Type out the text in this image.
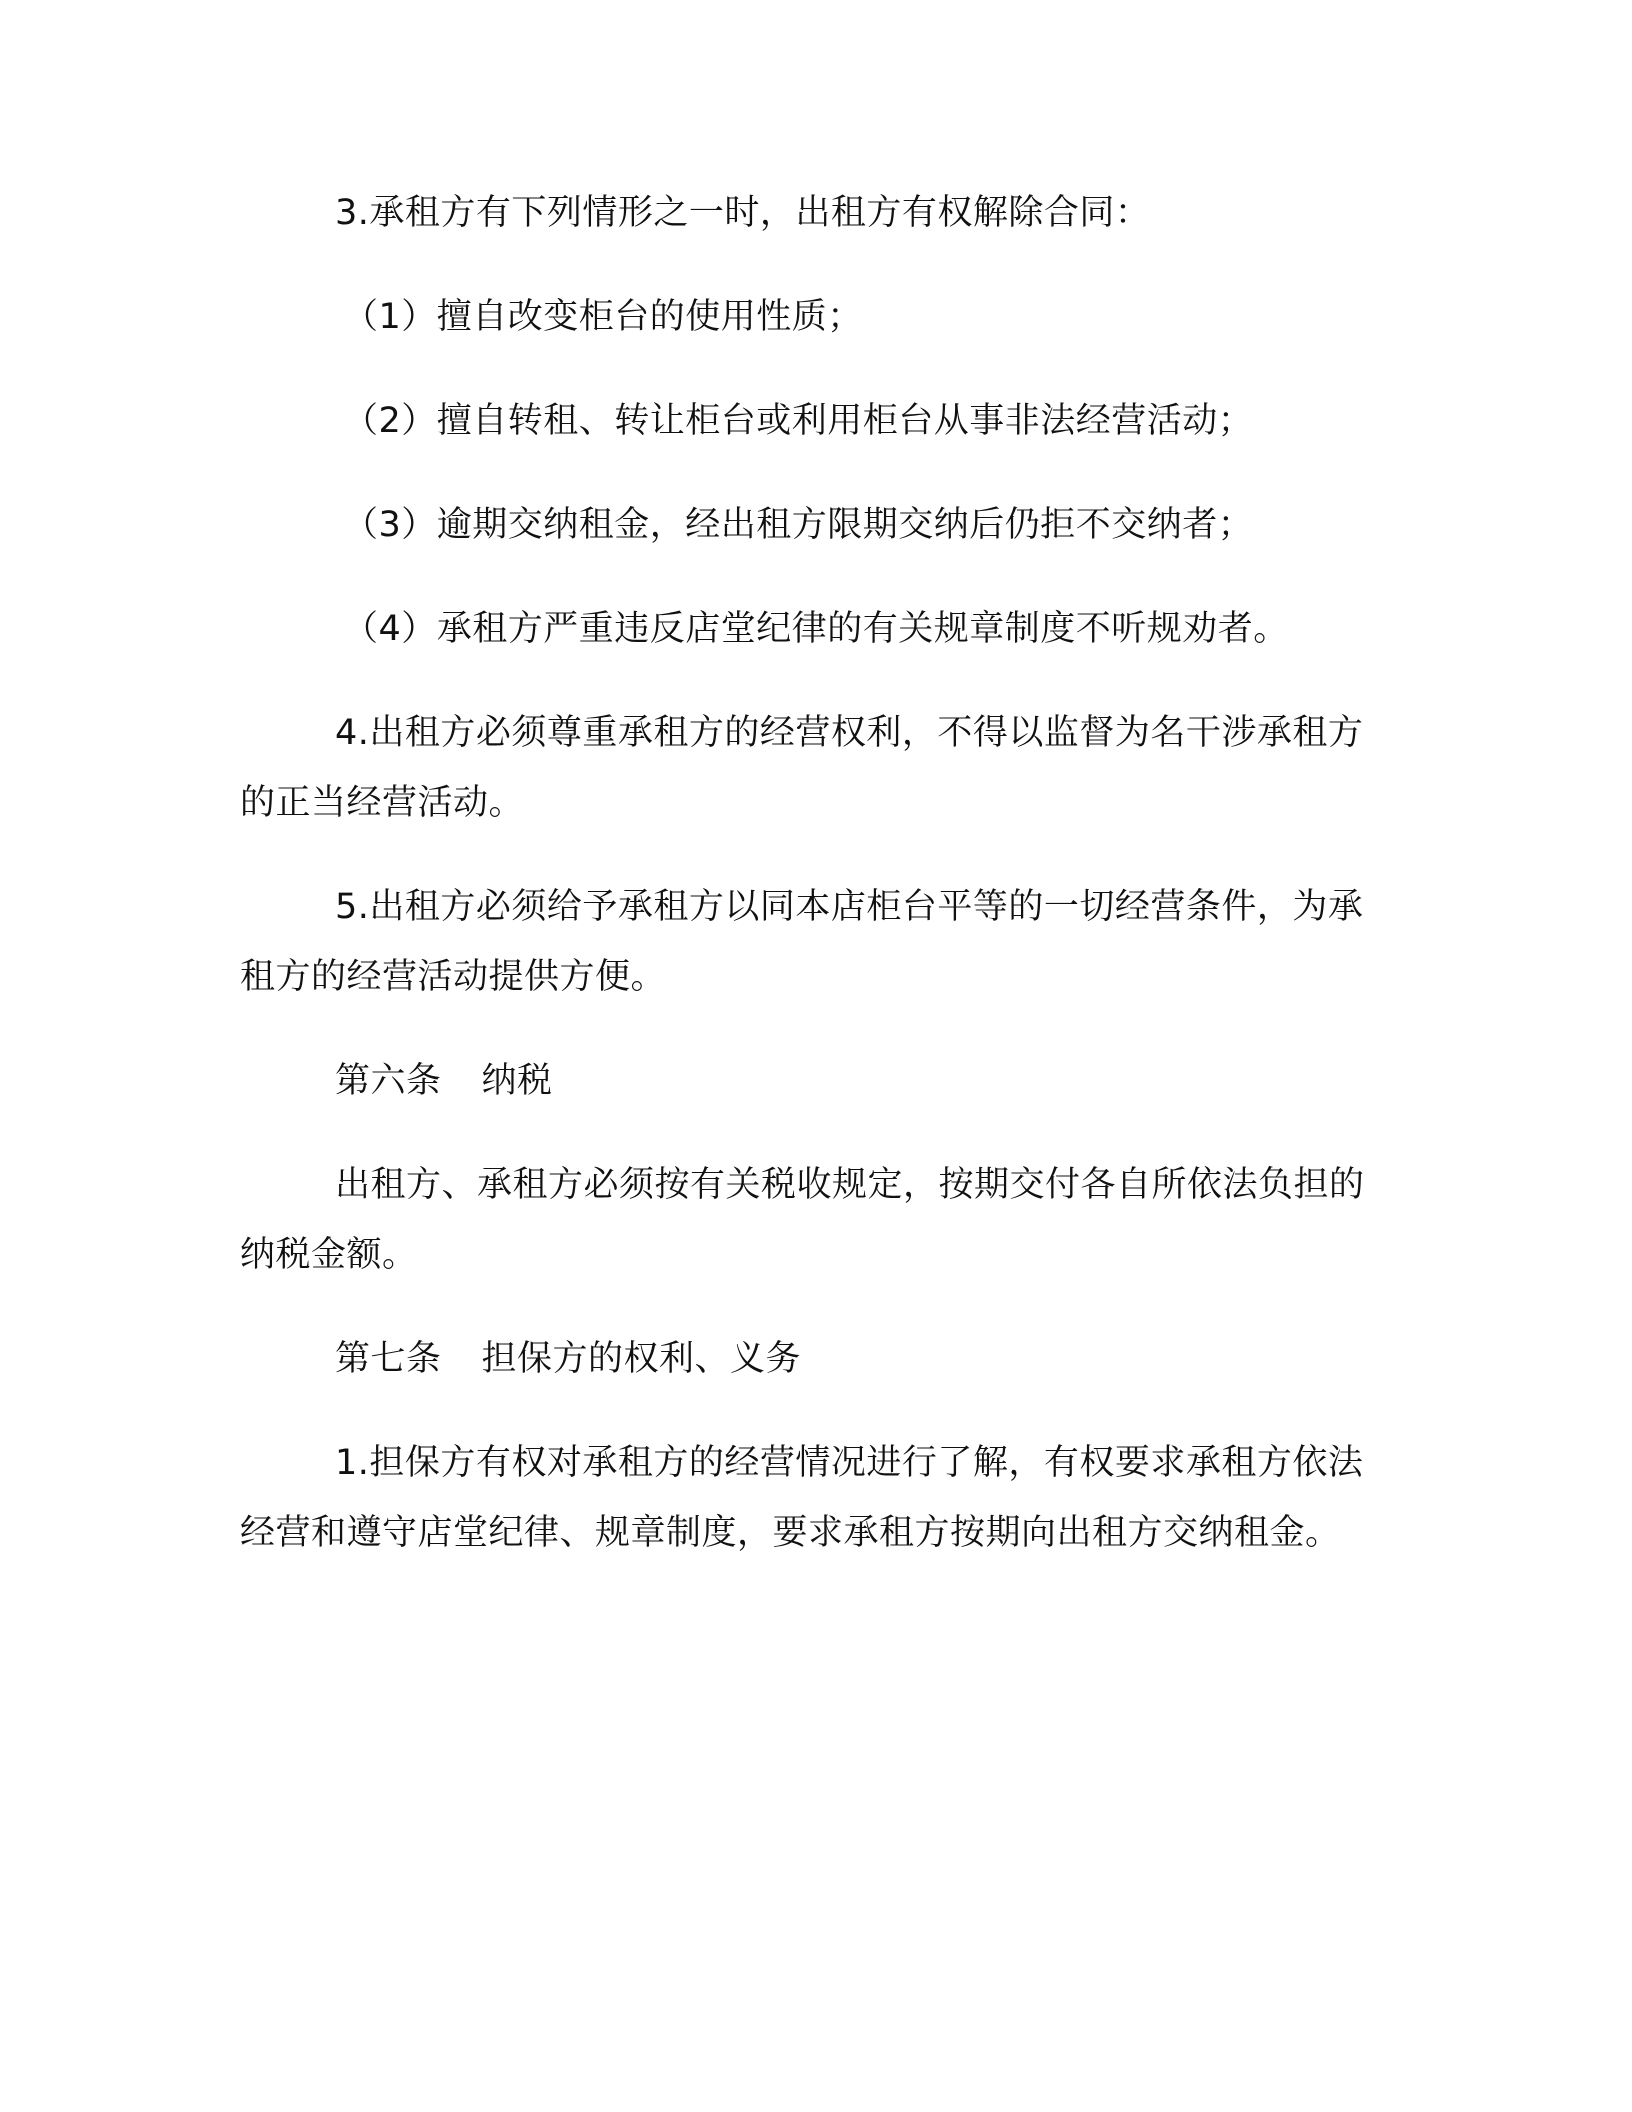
3.承租方有下列情形之一时，出租方有权解除合同：

（1）擅自改变柜台的使用性质；

（2）擅自转租、转让柜台或利用柜台从事非法经营活动；

（3）逾期交纳租金，经出租方限期交纳后仍拒不交纳者；

（4）承租方严重违反店堂纪律的有关规章制度不听规劝者。

4.出租方必须尊重承租方的经营权利，不得以监督为名干涉承租方的正当经营活动。

5.出租方必须给予承租方以同本店柜台平等的一切经营条件，为承租方的经营活动提供方便。

第六条 纳税

出租方、承租方必须按有关税收规定，按期交付各自所依法负担的纳税金额。

第七条 担保方的权利、义务

1.担保方有权对承租方的经营情况进行了解，有权要求承租方依法经营和遵守店堂纪律、规章制度，要求承租方按期向出租方交纳租金。
